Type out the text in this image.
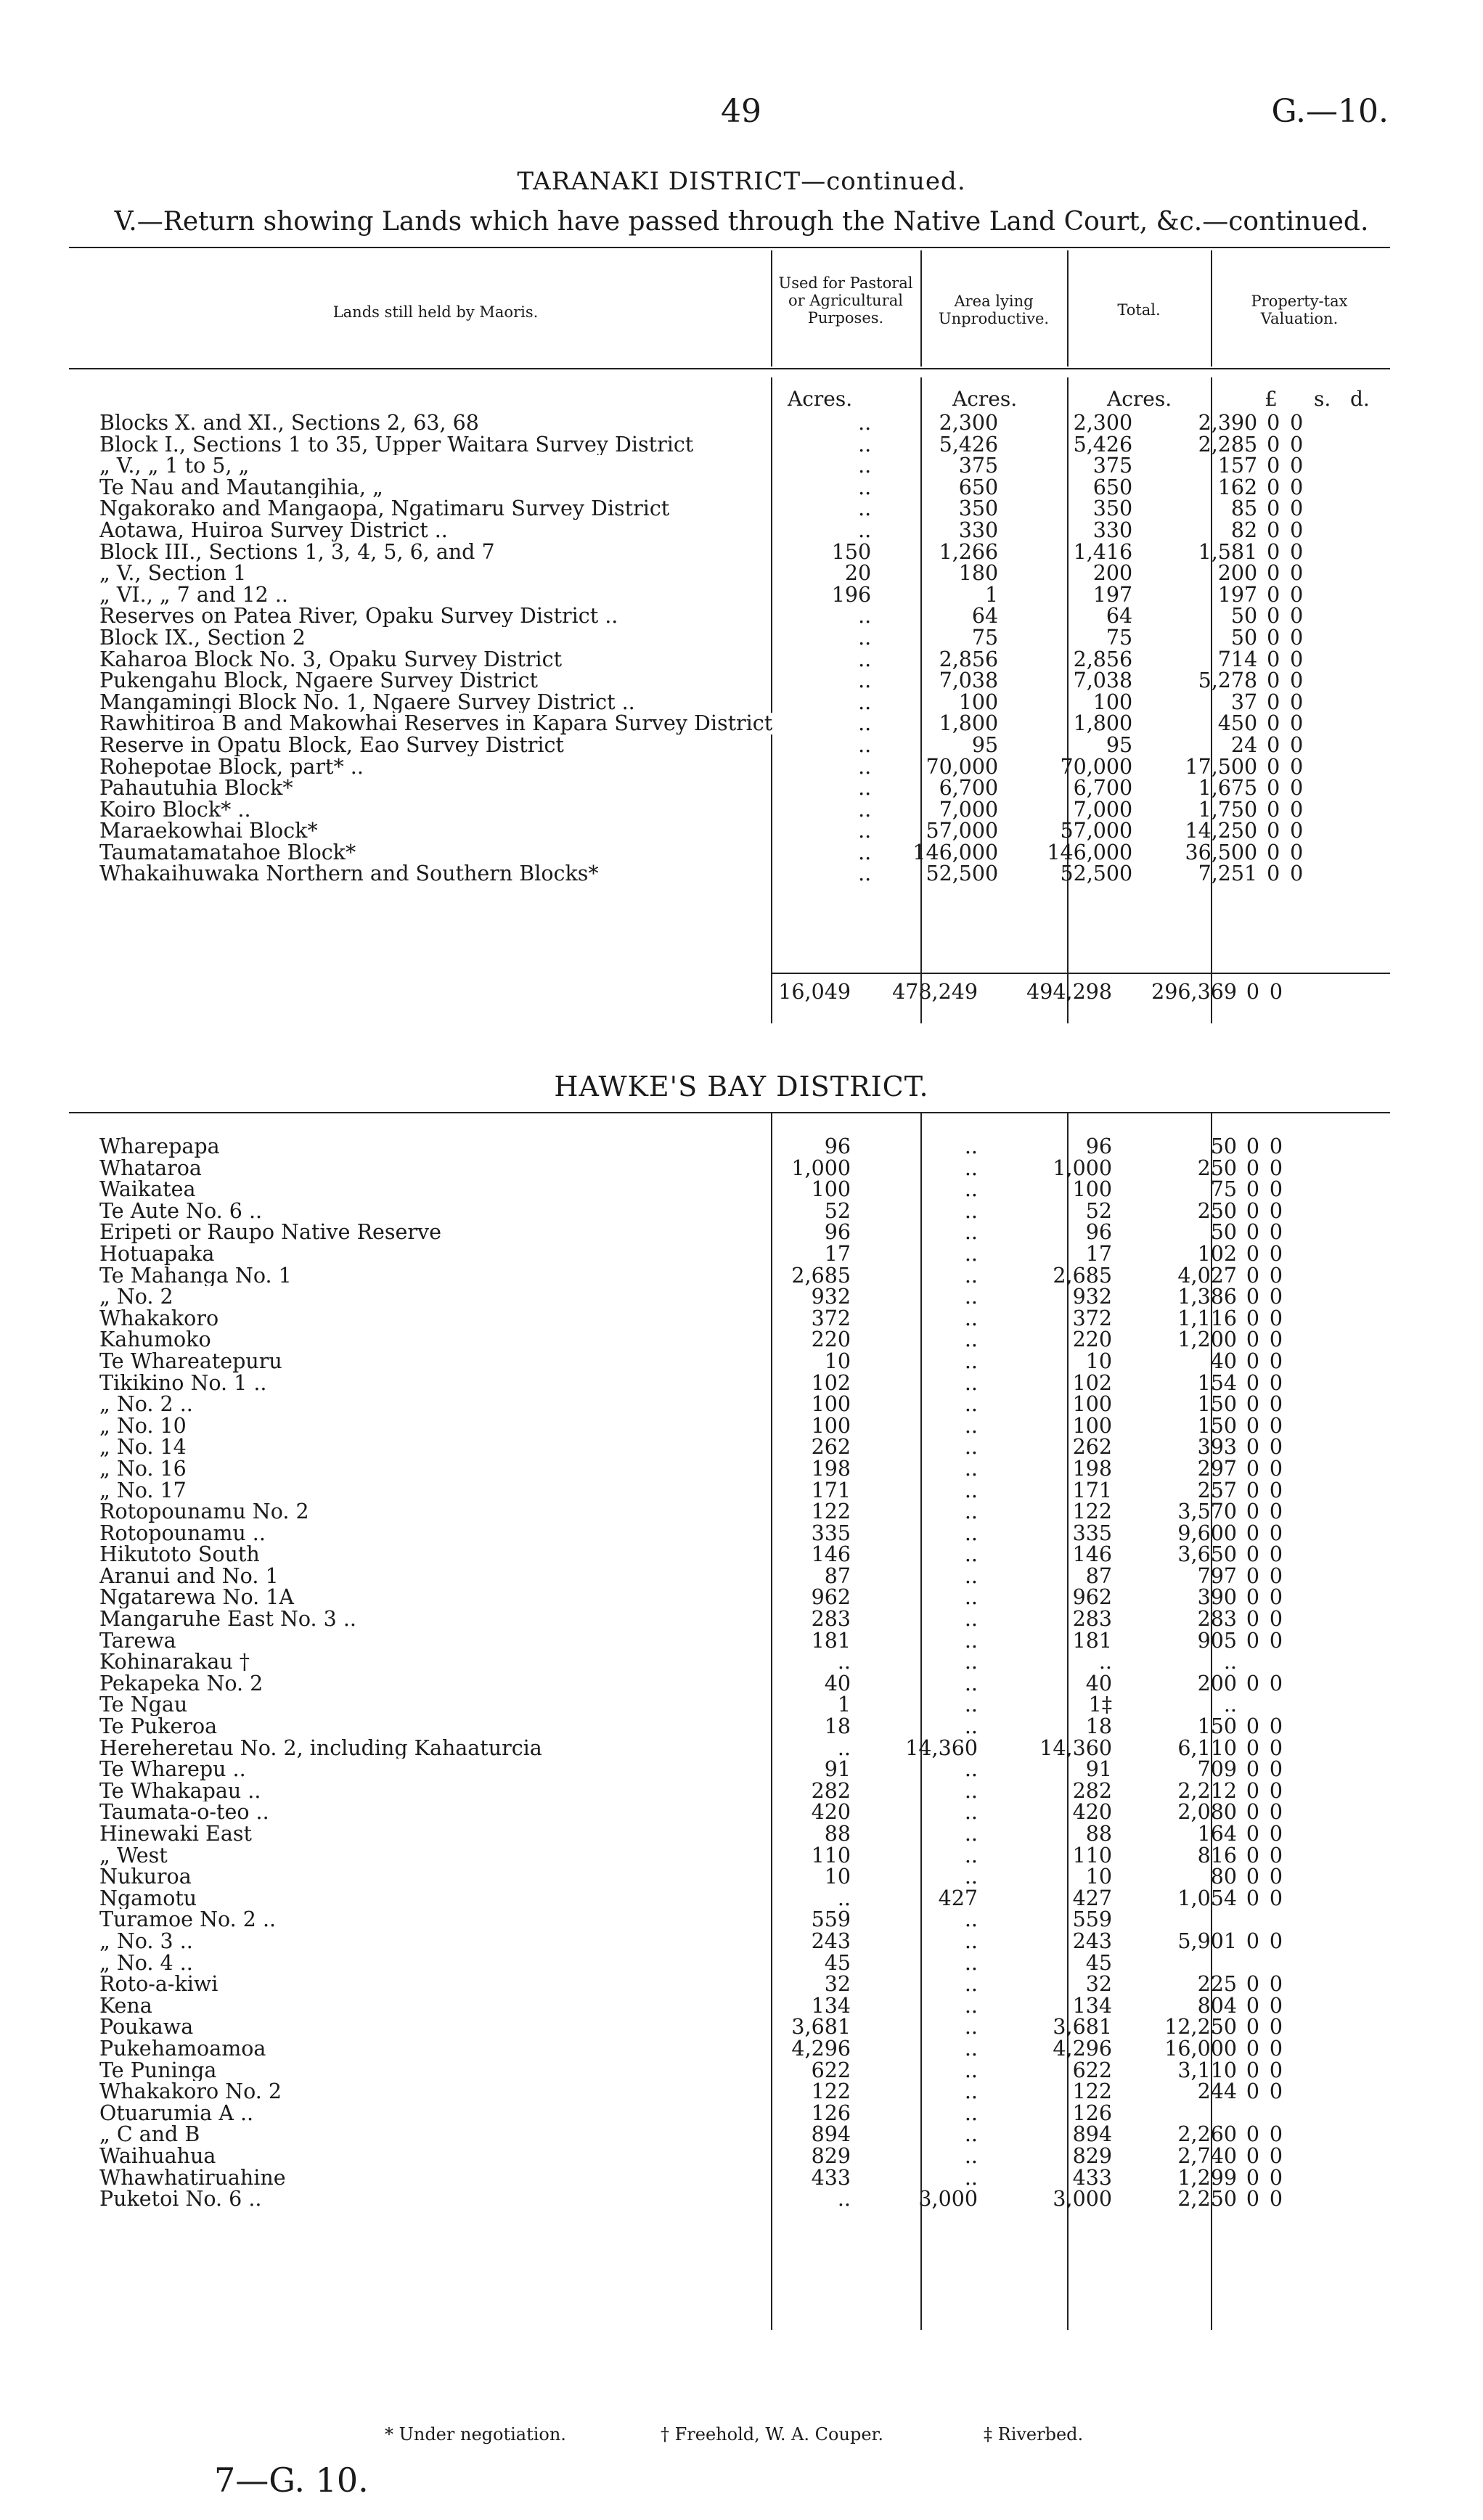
49	G.—10.
TARANAKI DISTRICT—continued.
V.—Return showing Lands which have passed through the Native Land Court, &c.—continued.
Lands still held by Maoris.
Used for Pastoral or Agricultural Purposes.
Area lying Unproductive.	Total.	Property-tax Valuation.
Acres.	Acres.	Acres.	£ s. d.
Blocks X. and XI., Sections 2, 63, 68	..	2,300	2,300	2,390	0	0
Block I., Sections 1 to 35, Upper Waitara Survey District	..	5,426	5,426	2,285	0	0
„ V., „ 1 to 5, „	..	375	375	157	0	0
Te Nau and Mautangihia, „	..	650	650	162	0	0
Ngakorako and Mangaopa, Ngatimaru Survey District	..	350	350	85	0	0
Aotawa, Huiroa Survey District ..	..	330	330	82	0	0
Block III., Sections 1, 3, 4, 5, 6, and 7	150	1,266	1,416	1,581	0	0
„ V., Section 1	20	180	200	200	0	0
„ VI., „ 7 and 12 ..	196	1	197	197	0	0
Reserves on Patea River, Opaku Survey District ..	..	64	64	50	0	0
Block IX., Section 2	..	75	75	50	0	0
Kaharoa Block No. 3, Opaku Survey District	..	2,856	2,856	714	0	0
Pukengahu Block, Ngaere Survey District	..	7,038	7,038	5,278	0	0
Mangamingi Block No. 1, Ngaere Survey District ..	..	100	100	37	0	0
Rawhitiroa B and Makowhai Reserves in Kapara Survey District	..	1,800	1,800	450	0	0
Reserve in Opatu Block, Eao Survey District	..	95	95	24	0	0
Rohepotae Block, part* ..	..	70,000	70,000	17,500	0	0
Pahautuhia Block*	..	6,700	6,700	1,675	0	0
Koiro Block* ..	..	7,000	7,000	1,750	0	0
Maraekowhai Block*	..	57,000	57,000	14,250	0	0
Taumatamatahoe Block*	..	146,000	146,000	36,500	0	0
Whakaihuwaka Northern and Southern Blocks*	..	52,500	52,500	7,251	0	0
	16,049	478,249	494,298	296,369	0	0
HAWKE'S BAY DISTRICT.
Wharepapa	96	..	96	50	0	0
Whataroa	1,000	..	1,000	250	0	0
Waikatea	100	..	100	75	0	0
Te Aute No. 6 ..	52	..	52	250	0	0
Eripeti or Raupo Native Reserve	96	..	96	50	0	0
Hotuapaka	17	..	17	102	0	0
Te Mahanga No. 1	2,685	..	2,685	4,027	0	0
„ No. 2	932	..	932	1,386	0	0
Whakakoro	372	..	372	1,116	0	0
Kahumoko	220	..	220	1,200	0	0
Te Whareatepuru	10	..	10	40	0	0
Tikikino No. 1 ..	102	..	102	154	0	0
„ No. 2 ..	100	..	100	150	0	0
„ No. 10	100	..	100	150	0	0
„ No. 14	262	..	262	393	0	0
„ No. 16	198	..	198	297	0	0
„ No. 17	171	..	171	257	0	0
Rotopounamu No. 2	122	..	122	3,570	0	0
Rotopounamu ..	335	..	335	9,600	0	0
Hikutoto South	146	..	146	3,650	0	0
Aranui and No. 1	87	..	87	797	0	0
Ngatarewa No. 1A	962	..	962	390	0	0
Mangaruhe East No. 3 ..	283	..	283	283	0	0
Tarewa	181	..	181	905	0	0
Kohinarakau †	..	..	..	..		
Pekapeka No. 2	40	..	40	200	0	0
Te Ngau	1	..	1‡	..		
Te Pukeroa	18	..	18	150	0	0
Hereheretau No. 2, including Kahaaturcia	..	14,360	14,360	6,110	0	0
Te Wharepu ..	91	..	91	709	0	0
Te Whakapau ..	282	..	282	2,212	0	0
Taumata-o-teo ..	420	..	420	2,080	0	0
Hinewaki East	88	..	88	164	0	0
„ West	110	..	110	816	0	0
Nukuroa	10	..	10	80	0	0
Ngamotu	..	427	427	1,054	0	0
Turamoe No. 2 ..	559	..	559			
„ No. 3 ..	243	..	243	5,901	0	0
„ No. 4 ..	45	..	45			
Roto-a-kiwi	32	..	32	225	0	0
Kena	134	..	134	804	0	0
Poukawa	3,681	..	3,681	12,250	0	0
Pukehamoamoa	4,296	..	4,296	16,000	0	0
Te Puninga	622	..	622	3,110	0	0
Whakakoro No. 2	122	..	122	244	0	0
Otuarumia A ..	126	..	126			
„ C and B	894	..	894	2,260	0	0
Waihuahua	829	..	829	2,740	0	0
Whawhatiruahine	433	..	433	1,299	0	0
Puketoi No. 6 ..	..	3,000	3,000	2,250	0	0
* Under negotiation.	† Freehold, W. A. Couper.	‡ Riverbed.
7—G. 10.
